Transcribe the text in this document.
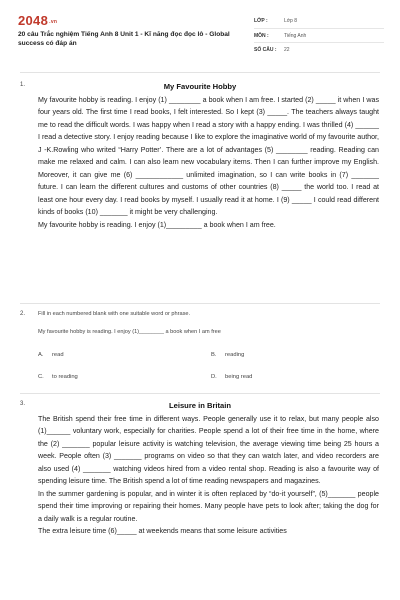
2048.vn
20 câu Trắc nghiệm Tiếng Anh 8 Unit 1 - Kĩ năng đọc đọc lô - Global success có đáp án
LỚP :	Lớp 8
MÔN :	Tiếng Anh
SỐ CÂU : 22
1.	My Favourite Hobby

My favourite hobby is reading. I enjoy (1) ________ a book when I am free. I started (2) _____ it when I was four years old. The first time I read books, I felt interested. So I kept (3) _____. The teachers always taught me to read the difficult words. I was happy when I read a story with a happy ending. I was thrilled (4) ______ I read a detective story. I enjoy reading because I like to explore the imaginative world of my favourite author, J -K.Rowling who writed “Harry Potter’. There are a lot of advantages (5) ________ reading. Reading can make me relaxed and calm. I can also learn new vocabulary items. Then I can further improve my English. Moreover, it can give me (6) ____________ unlimited imagination, so I can write books in (7) _______ future. I can learn the different cultures and customs of other countries (8) _____ the world too. I read at least one hour every day. I read books by myself. I usually read it at home. I (9) _____ I could read different kinds of books (10) _______ it might be very challenging.

My favourite hobby is reading. I enjoy (1)_________ a book when I am free.

2. Fill in each numbered blank with one suitable word or phrase.
My favourite hobby is reading. I enjoy (1)________ a book when I am free
A. read	B. reading
C. to reading	D. being read
3.	Leisure in Britain

The British spend their free time in different ways. People generally use it to relax, but many people also (1)______ voluntary work, especially for charities. People spend a lot of their free time in the home, where the (2) _______ popular leisure activity is watching television, the average viewing time being 25 hours a week. People often (3) _______ programs on video so that they can watch later, and video recorders are also used (4) _______ watching videos hired from a video rental shop. Reading is also a favourite way of spending leisure time. The British spend a lot of time reading newspapers and magazines.

In the summer gardening is popular, and in winter it is often replaced by “do-it yourself”, (5)_______ people spend their time improving or repairing their homes. Many people have pets to look after; taking the dog for a daily walk is a regular routine.

The extra leisure time (6)_____ at weekends means that some leisure activities
